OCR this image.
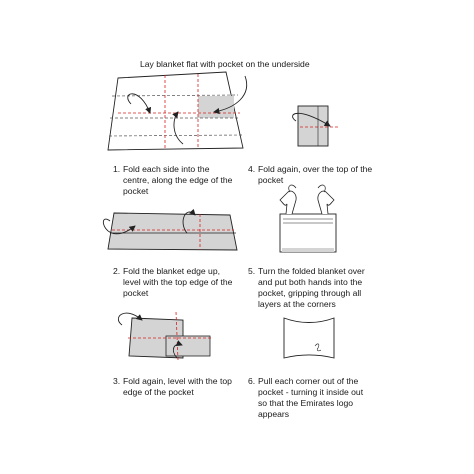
Lay blanket flat with pocket on the underside
1. Fold each side into the centre, along the edge of the pocket
2. Fold the blanket edge up, level with the top edge of the pocket
3. Fold again, level with the top edge of the pocket
4. Fold again, over the top of the pocket
5. Turn the folded blanket over and put both hands into the pocket, gripping through all layers at the corners
6. Pull each corner out of the pocket - turning it inside out so that the Emirates logo appears
